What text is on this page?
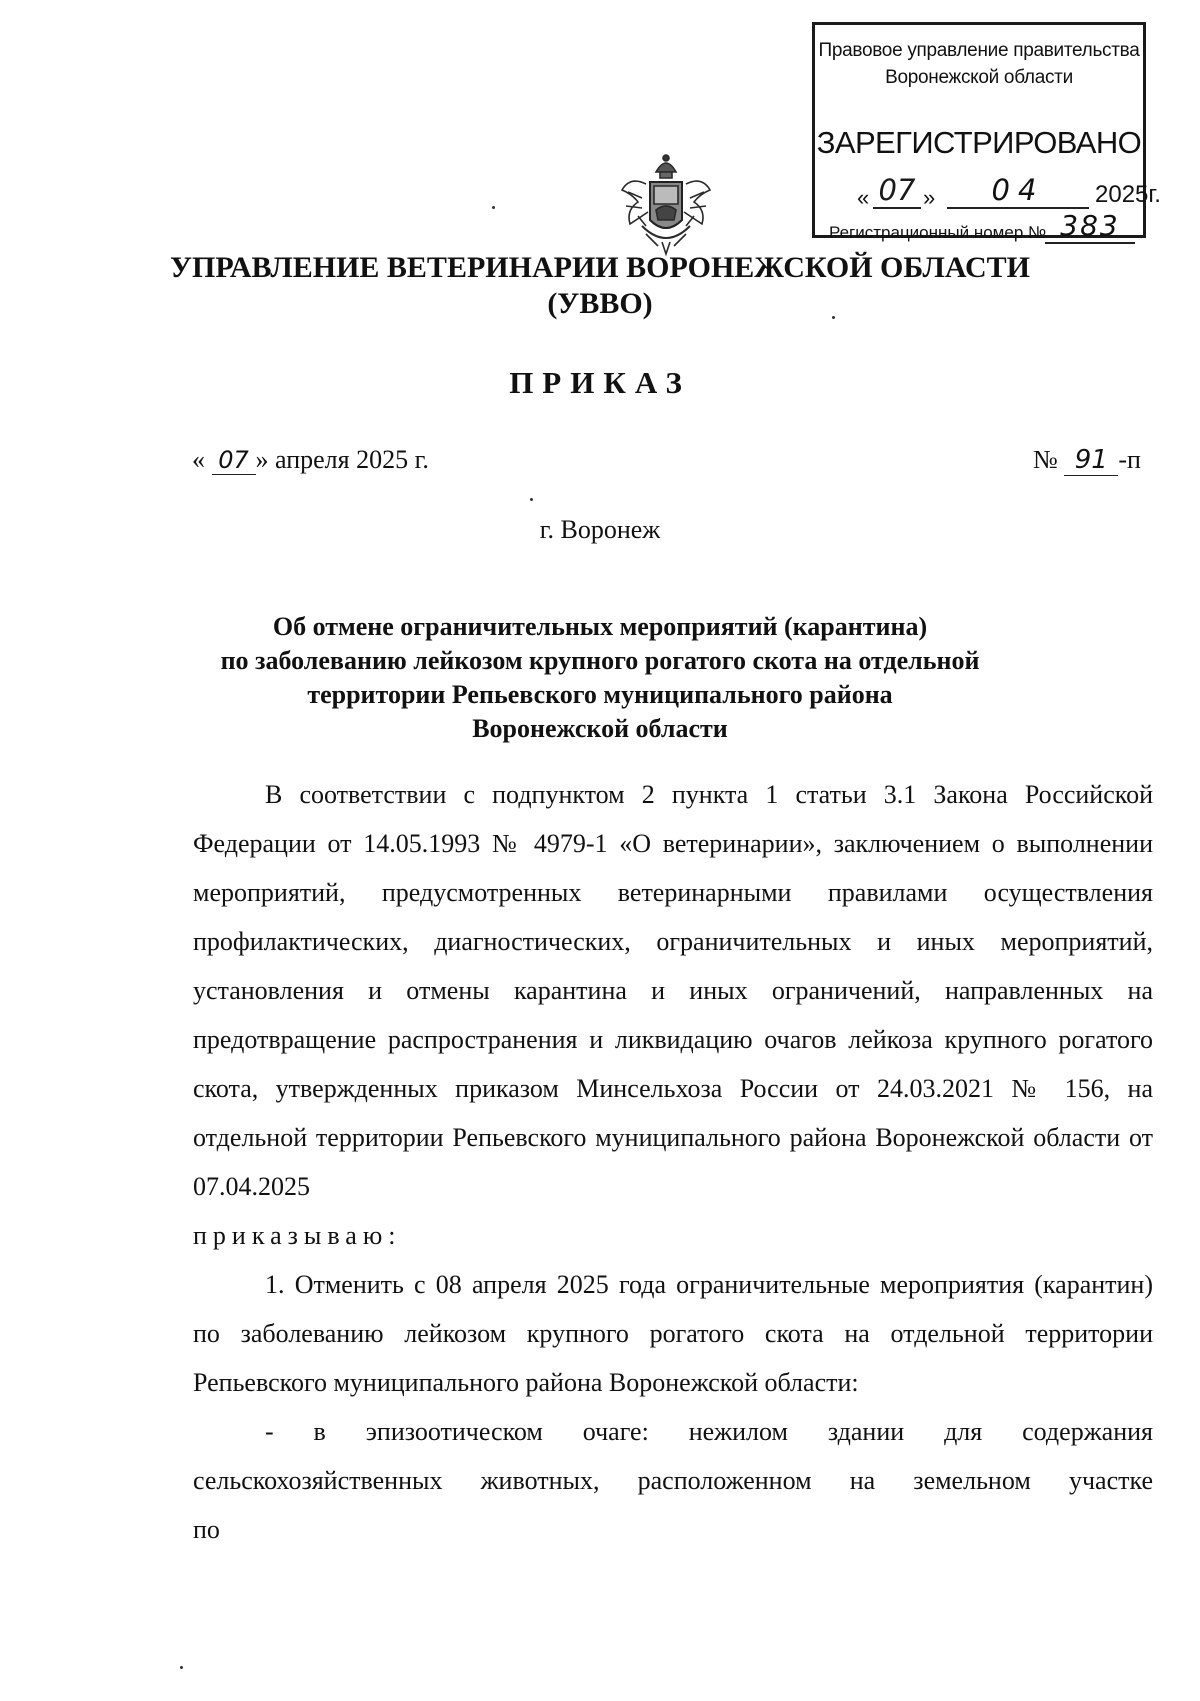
Правовое управление правительства
Воронежской области
ЗАРЕГИСТРИРОВАНО
« 07 »	04	2025г.
Регистрационный номер № 383
УПРАВЛЕНИЕ ВЕТЕРИНАРИИ ВОРОНЕЖСКОЙ ОБЛАСТИ
(УВВО)
ПРИКАЗ
« 07 » апреля 2025 г.	№ 91 -п
г. Воронеж
Об отмене ограничительных мероприятий (карантина)
по заболеванию лейкозом крупного рогатого скота на отдельной
территории Репьевского муниципального района
Воронежской области

В соответствии с подпунктом 2 пункта 1 статьи 3.1 Закона Российской Федерации от 14.05.1993 № 4979-1 «О ветеринарии», заключением о выполнении мероприятий, предусмотренных ветеринарными правилами осуществления профилактических, диагностических, ограничительных и иных мероприятий, установления и отмены карантина и иных ограничений, направленных на предотвращение распространения и ликвидацию очагов лейкоза крупного рогатого скота, утвержденных приказом Минсельхоза России от 24.03.2021 № 156, на отдельной территории Репьевского муниципального района Воронежской области от 07.04.2025

приказываю:

1. Отменить с 08 апреля 2025 года ограничительные мероприятия (карантин) по заболеванию лейкозом крупного рогатого скота на отдельной территории Репьевского муниципального района Воронежской области:

- в эпизоотическом очаге: нежилом здании для содержания сельскохозяйственных животных, расположенном на земельном участке по
